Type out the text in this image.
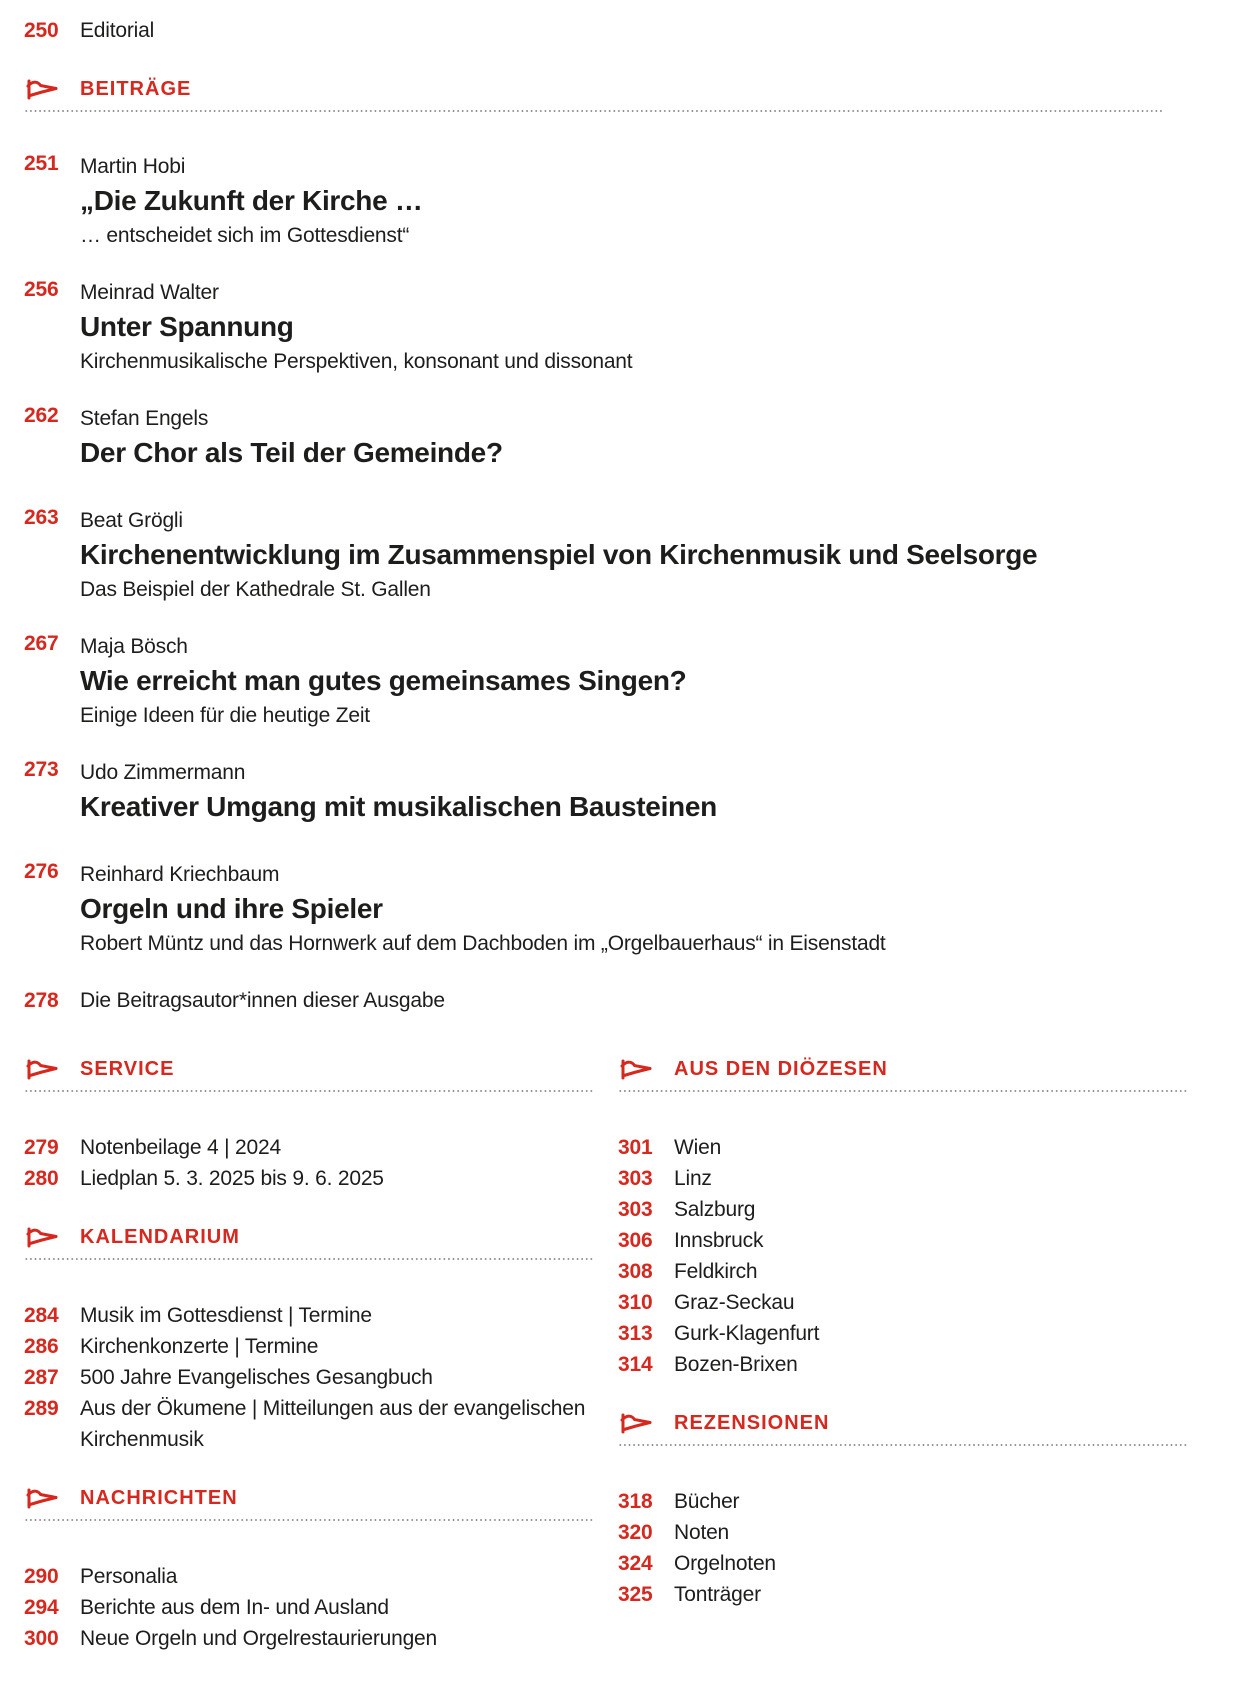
250	Editorial
BEITRÄGE
251	Martin Hobi
„Die Zukunft der Kirche …
… entscheidet sich im Gottesdienst“
256	Meinrad Walter
Unter Spannung
Kirchenmusikalische Perspektiven, konsonant und dissonant
262	Stefan Engels
Der Chor als Teil der Gemeinde?
263	Beat Grögli
Kirchenentwicklung im Zusammenspiel von Kirchenmusik und Seelsorge
Das Beispiel der Kathedrale St. Gallen
267	Maja Bösch
Wie erreicht man gutes gemeinsames Singen?
Einige Ideen für die heutige Zeit
273	Udo Zimmermann
Kreativer Umgang mit musikalischen Bausteinen
276	Reinhard Kriechbaum
Orgeln und ihre Spieler
Robert Müntz und das Hornwerk auf dem Dachboden im „Orgelbauerhaus“ in Eisenstadt
278	Die Beitragsautor*innen dieser Ausgabe
SERVICE
279	Notenbeilage 4 | 2024
280	Liedplan 5. 3. 2025 bis 9. 6. 2025
KALENDARIUM
284	Musik im Gottesdienst | Termine
286	Kirchenkonzerte | Termine
287	500 Jahre Evangelisches Gesangbuch
289	Aus der Ökumene | Mitteilungen aus der evangelischen Kirchenmusik
NACHRICHTEN
290	Personalia
294	Berichte aus dem In- und Ausland
300	Neue Orgeln und Orgelrestaurierungen
AUS DEN DIÖZESEN
301	Wien
303	Linz
303	Salzburg
306	Innsbruck
308	Feldkirch
310	Graz-Seckau
313	Gurk-Klagenfurt
314	Bozen-Brixen
REZENSIONEN
318	Bücher
320	Noten
324	Orgelnoten
325	Tonträger
